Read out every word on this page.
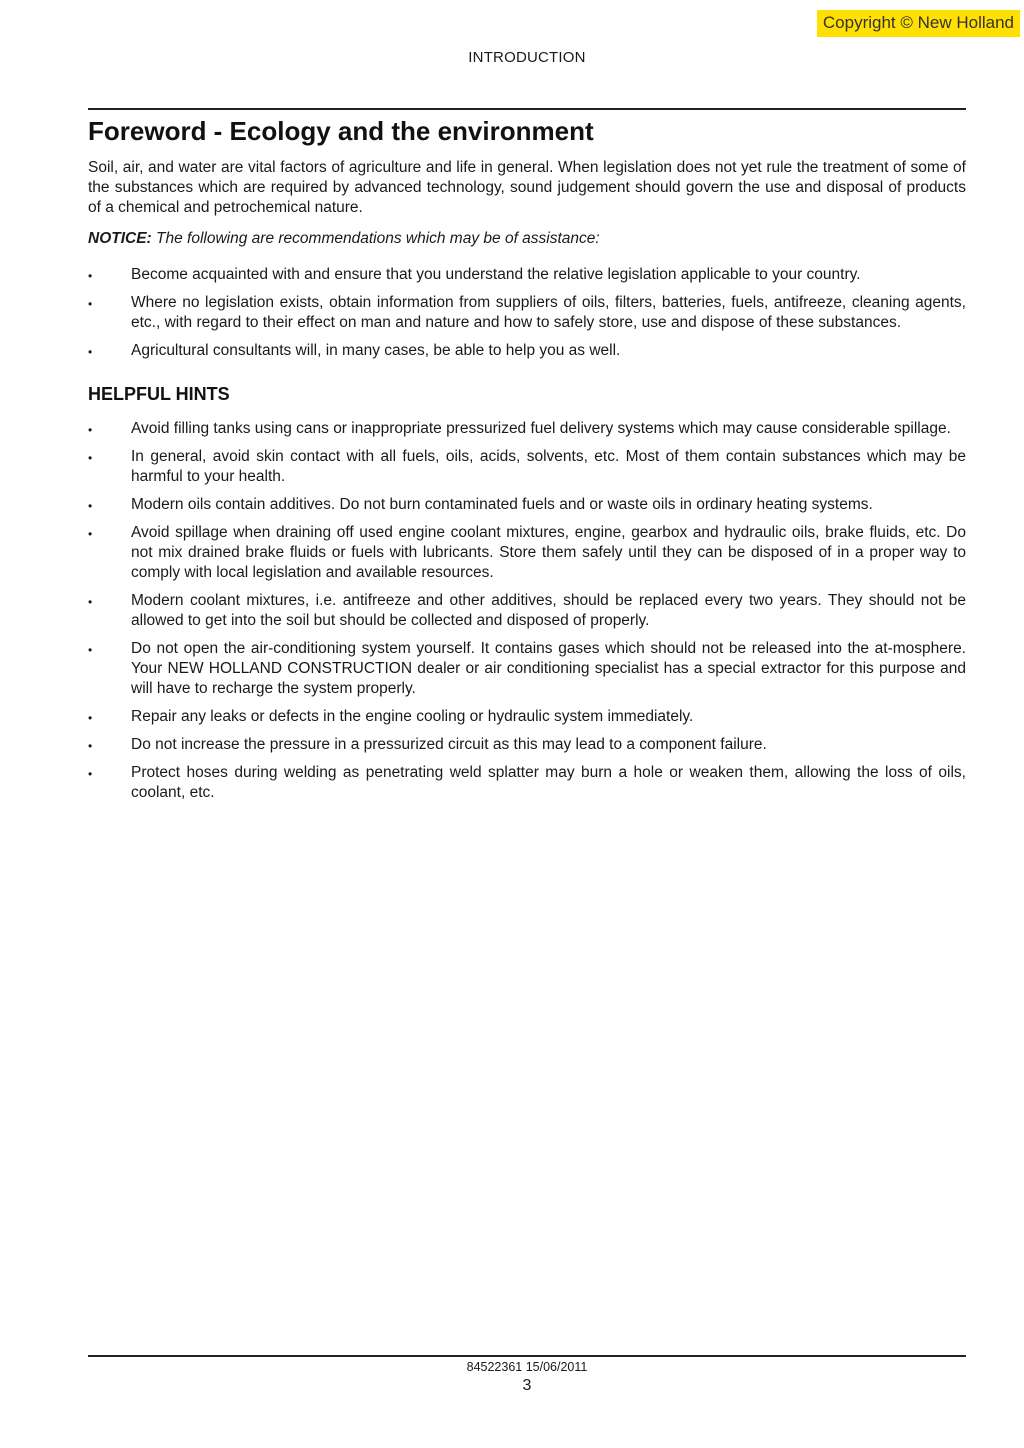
Copyright © New Holland
INTRODUCTION
Foreword - Ecology and the environment

Soil, air, and water are vital factors of agriculture and life in general. When legislation does not yet rule the treatment of some of the substances which are required by advanced technology, sound judgement should govern the use and disposal of products of a chemical and petrochemical nature.

NOTICE: The following are recommendations which may be of assistance:

•	Become acquainted with and ensure that you understand the relative legislation applicable to your country.
•	Where no legislation exists, obtain information from suppliers of oils, filters, batteries, fuels, antifreeze, cleaning agents, etc., with regard to their effect on man and nature and how to safely store, use and dispose of these substances.
•	Agricultural consultants will, in many cases, be able to help you as well.
HELPFUL HINTS
•	Avoid filling tanks using cans or inappropriate pressurized fuel delivery systems which may cause considerable spillage.
•	In general, avoid skin contact with all fuels, oils, acids, solvents, etc. Most of them contain substances which may be harmful to your health.
•	Modern oils contain additives. Do not burn contaminated fuels and or waste oils in ordinary heating systems.
•	Avoid spillage when draining off used engine coolant mixtures, engine, gearbox and hydraulic oils, brake fluids, etc. Do not mix drained brake fluids or fuels with lubricants. Store them safely until they can be disposed of in a proper way to comply with local legislation and available resources.
•	Modern coolant mixtures, i.e. antifreeze and other additives, should be replaced every two years. They should not be allowed to get into the soil but should be collected and disposed of properly.
•	Do not open the air-conditioning system yourself. It contains gases which should not be released into the at-mosphere. Your NEW HOLLAND CONSTRUCTION dealer or air conditioning specialist has a special extractor for this purpose and will have to recharge the system properly.
•	Repair any leaks or defects in the engine cooling or hydraulic system immediately.
•	Do not increase the pressure in a pressurized circuit as this may lead to a component failure.
•	Protect hoses during welding as penetrating weld splatter may burn a hole or weaken them, allowing the loss of oils, coolant, etc.
84522361 15/06/2011
3
